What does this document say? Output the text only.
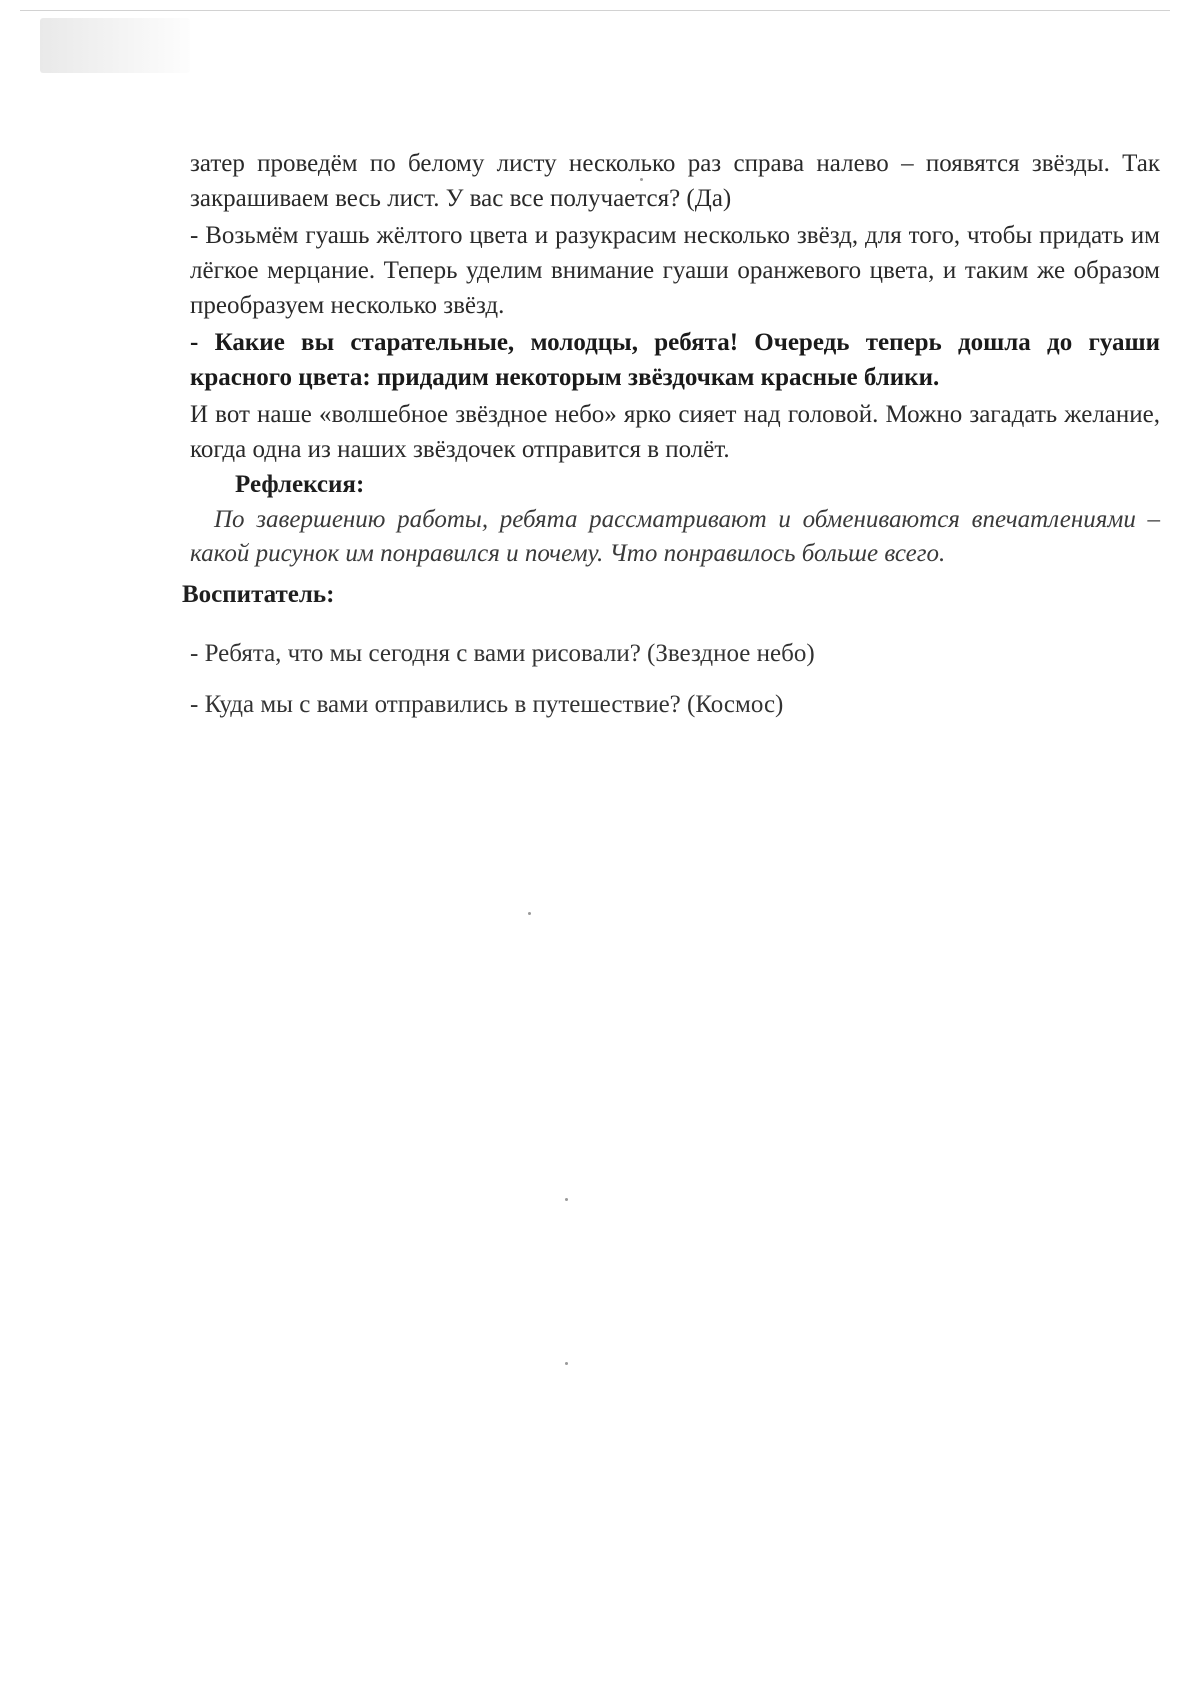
затер проведём по белому листу несколько раз справа налево – появятся звёзды. Так закрашиваем весь лист. У вас все получается? (Да)

- Возьмём гуашь жёлтого цвета и разукрасим несколько звёзд, для того, чтобы придать им лёгкое мерцание. Теперь уделим внимание гуаши оранжевого цвета, и таким же образом преобразуем несколько звёзд.

- Какие вы старательные, молодцы, ребята! Очередь теперь дошла до гуаши красного цвета: придадим некоторым звёздочкам красные блики.

И вот наше «волшебное звёздное небо» ярко сияет над головой. Можно загадать желание, когда одна из наших звёздочек отправится в полёт.

Рефлексия:

По завершению работы, ребята рассматривают и обмениваются впечатлениями – какой рисунок им понравился и почему. Что понравилось больше всего.

Воспитатель:

- Ребята, что мы сегодня с вами рисовали? (Звездное небо)

- Куда мы с вами отправились в путешествие? (Космос)
